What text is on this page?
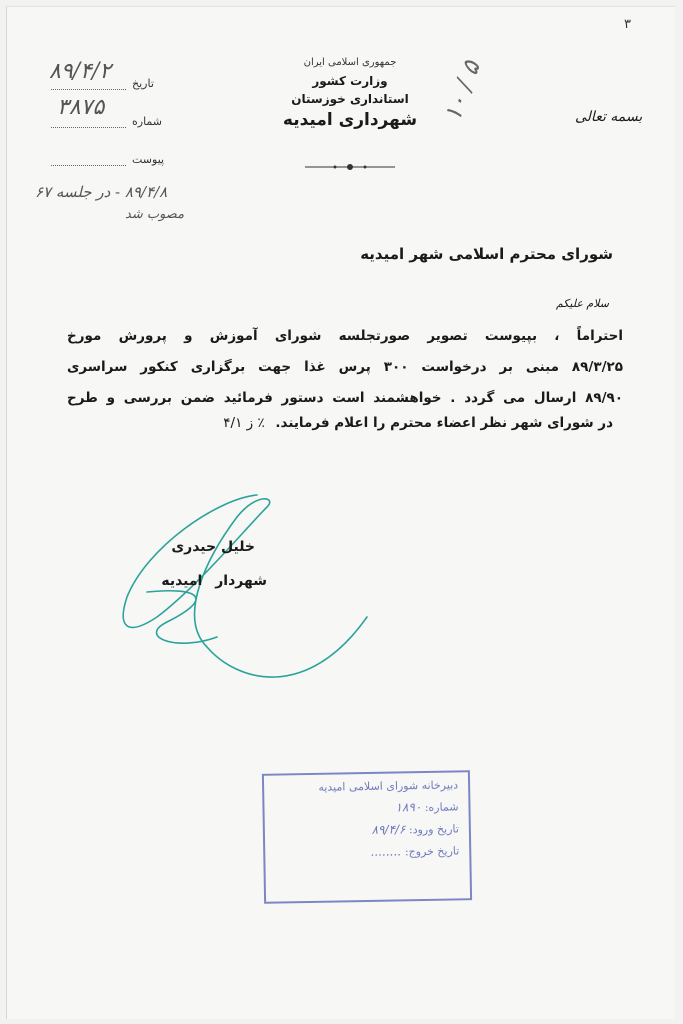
۳
جمهوری اسلامی ایران
وزارت کشور
استانداری خوزستان
شهرداری امیدیه	بسمه تعالی
تاریخ
۸۹/۴/۲
شماره
۳۸۷۵
پیوست
۸۹/۴/۸ - در جلسه ۶۷
مصوب شد
۱۰ / ۵
شورای محترم اسلامی شهر امیدیه
سلام علیکم
احتراماً ، بپیوست تصویر صورتجلسه شورای آموزش و پرورش مورخ
۸۹/۳/۲۵ مبنی بر درخواست ۳۰۰ پرس غذا جهت برگزاری کنکور سراسری
۸۹/۹۰ ارسال می گردد . خواهشمند است دستور فرمائید ضمن بررسی و طرح
در شورای شهر نظر اعضاء محترم را اعلام فرمایند. ٪ ز ۴/۱
خلیل حیدری
شهردار امیدیه
دبیرخانه شورای اسلامی امیدیه
شماره: ۱۸۹۰
تاریخ ورود: ۸۹/۴/۶
تاریخ خروج: ........
